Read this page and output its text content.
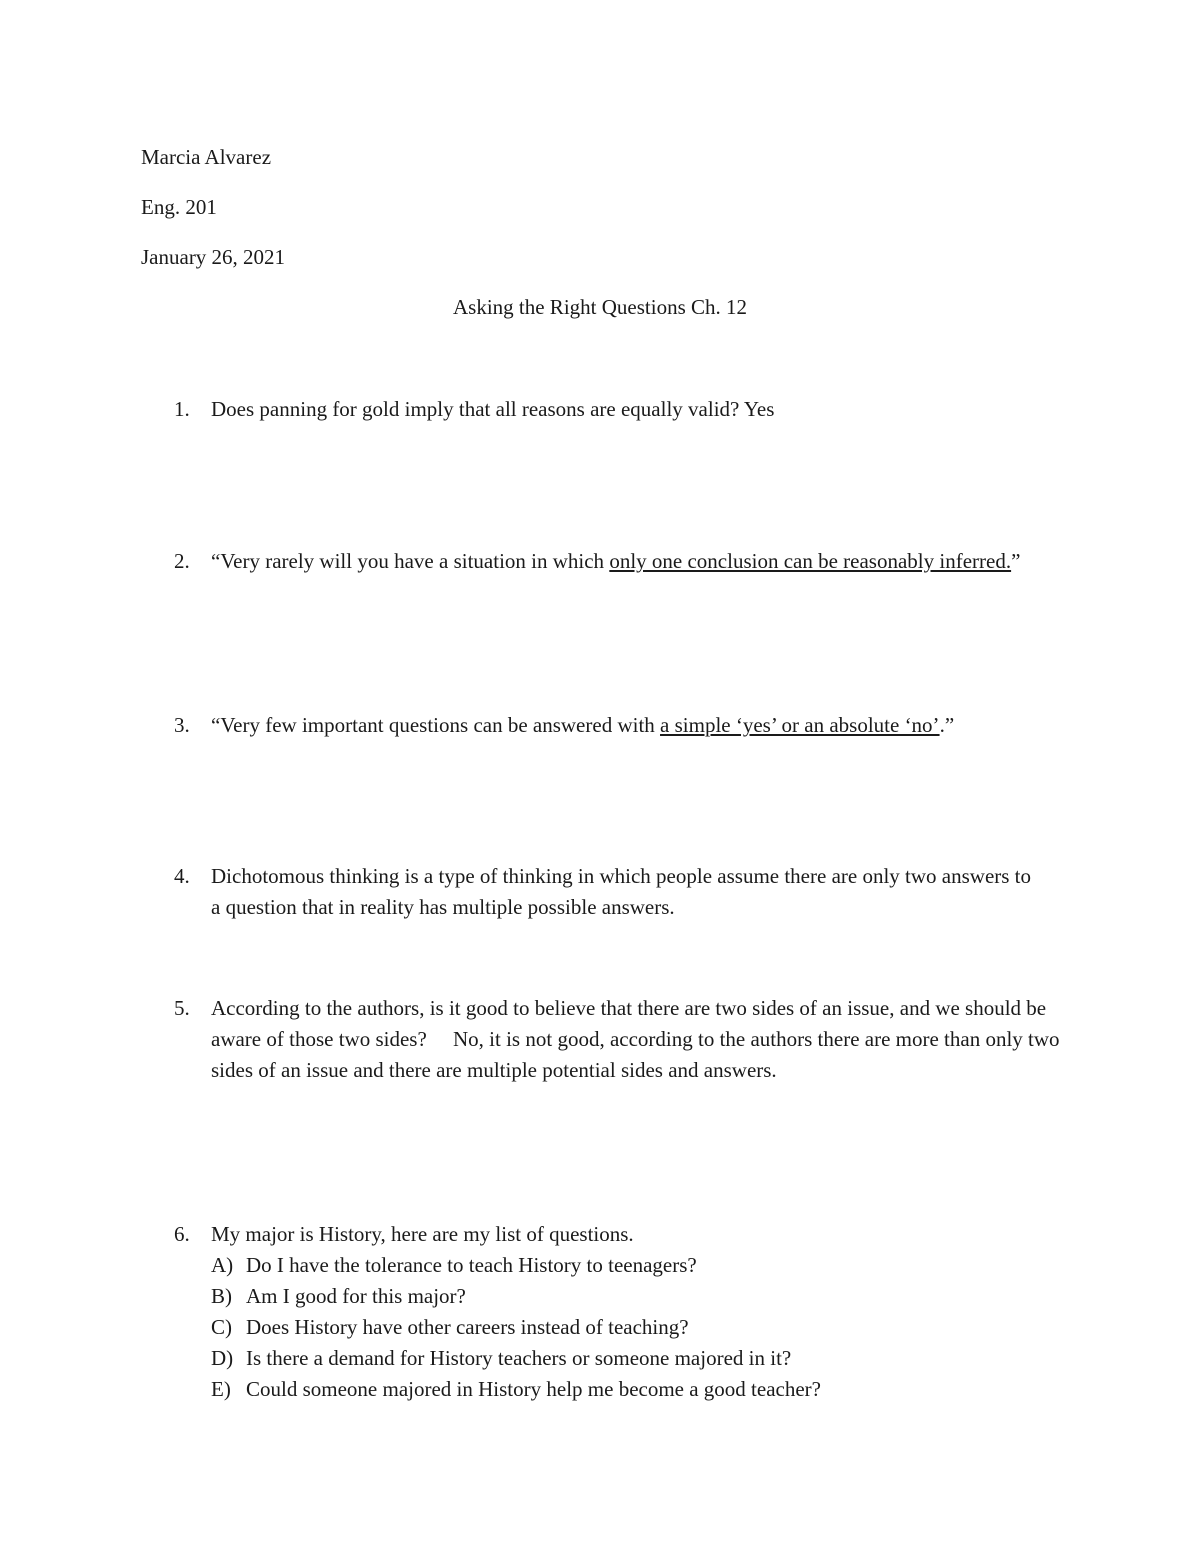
Marcia Alvarez
Eng. 201
January 26, 2021
Asking the Right Questions Ch. 12
1.	Does panning for gold imply that all reasons are equally valid? Yes
2.	“Very rarely will you have a situation in which only one conclusion can be reasonably inferred.”
3.	“Very few important questions can be answered with a simple ‘yes’ or an absolute ‘no’.”
4.	Dichotomous thinking is a type of thinking in which people assume there are only two answers to a question that in reality has multiple possible answers.
5.	According to the authors, is it good to believe that there are two sides of an issue, and we should be aware of those two sides?     No, it is not good, according to the authors there are more than only two sides of an issue and there are multiple potential sides and answers.
6.	My major is History, here are my list of questions.
A) Do I have the tolerance to teach History to teenagers?
B) Am I good for this major?
C) Does History have other careers instead of teaching?
D) Is there a demand for History teachers or someone majored in it?
E) Could someone majored in History help me become a good teacher?
